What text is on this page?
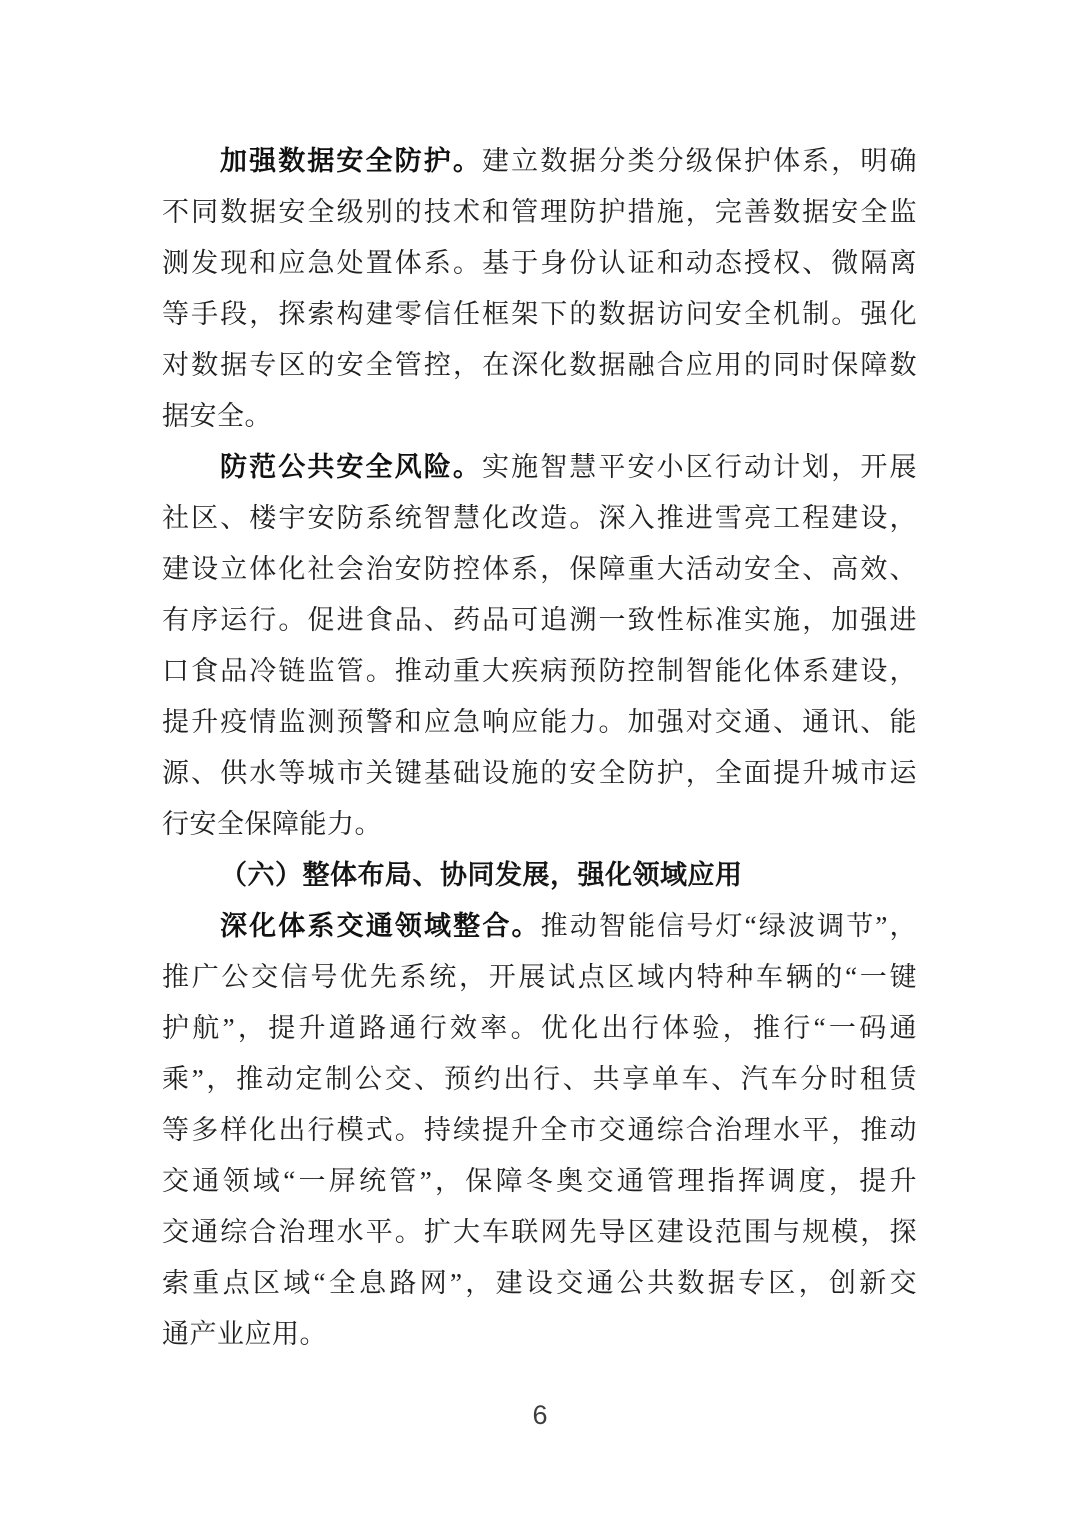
加强数据安全防护。建立数据分类分级保护体系，明确
不同数据安全级别的技术和管理防护措施，完善数据安全监
测发现和应急处置体系。基于身份认证和动态授权、微隔离
等手段，探索构建零信任框架下的数据访问安全机制。强化
对数据专区的安全管控，在深化数据融合应用的同时保障数
据安全。
防范公共安全风险。实施智慧平安小区行动计划，开展
社区、楼宇安防系统智慧化改造。深入推进雪亮工程建设，
建设立体化社会治安防控体系，保障重大活动安全、高效、
有序运行。促进食品、药品可追溯一致性标准实施，加强进
口食品冷链监管。推动重大疾病预防控制智能化体系建设，
提升疫情监测预警和应急响应能力。加强对交通、通讯、能
源、供水等城市关键基础设施的安全防护，全面提升城市运
行安全保障能力。
（六）整体布局、协同发展，强化领域应用
深化体系交通领域整合。推动智能信号灯“绿波调节”，
推广公交信号优先系统，开展试点区域内特种车辆的“一键
护航”，提升道路通行效率。优化出行体验，推行“一码通
乘”，推动定制公交、预约出行、共享单车、汽车分时租赁
等多样化出行模式。持续提升全市交通综合治理水平，推动
交通领域“一屏统管”，保障冬奥交通管理指挥调度，提升
交通综合治理水平。扩大车联网先导区建设范围与规模，探
索重点区域“全息路网”，建设交通公共数据专区，创新交
通产业应用。
6
